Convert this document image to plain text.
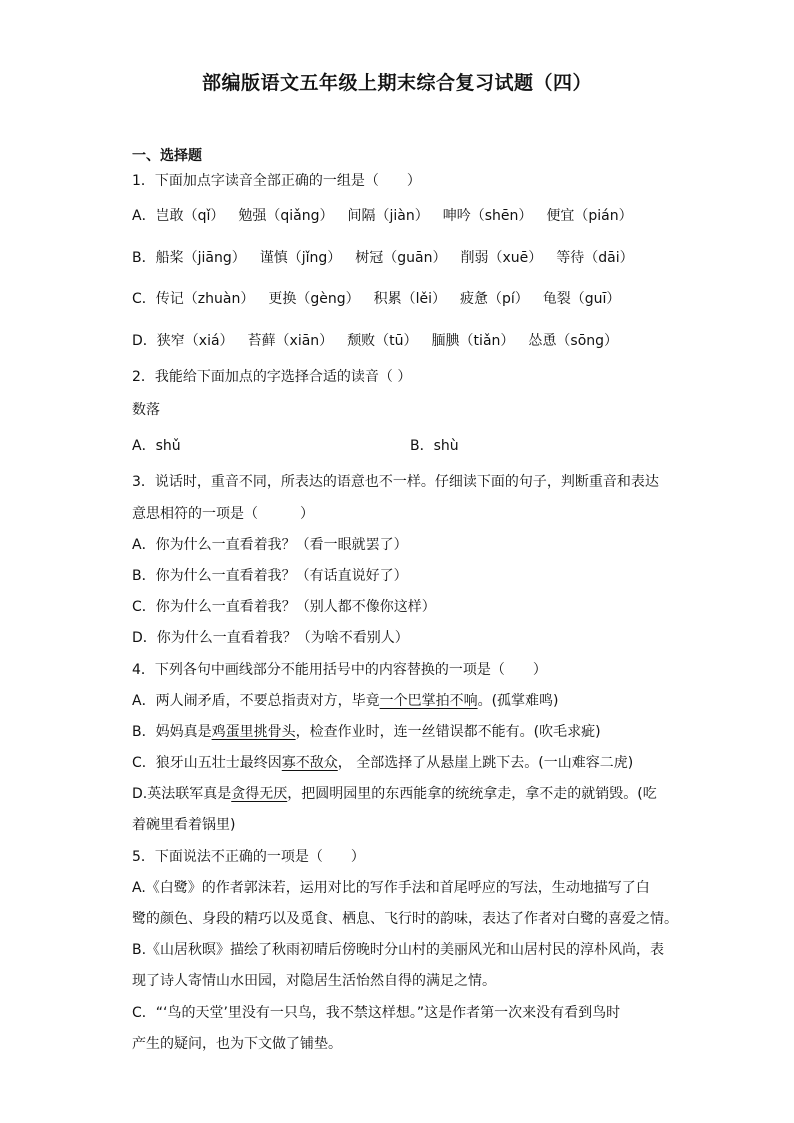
部编版语文五年级上期末综合复习试题（四）
一、选择题
1．下面加点字读音全部正确的一组是（　　）
A．岂敢（qǐ） 勉强（qiǎng） 间隔（jiàn） 呻吟（shēn） 便宜（pián）
B．船桨（jiāng） 谨慎（jǐng） 树冠（guān） 削弱（xuē） 等待（dāi）
C．传记（zhuàn） 更换（gèng） 积累（lěi） 疲惫（pí） 龟裂（guī）
D．狭窄（xiá） 苔藓（xiān） 颓败（tū） 腼腆（tiǎn） 怂恿（sōng）
2．我能给下面加点的字选择合适的读音（ ）
数落
A．shǔ	B．shù
3．说话时，重音不同，所表达的语意也不一样。仔细读下面的句子，判断重音和表达
意思相符的一项是（　　　）
A．你为什么一直看着我？（看一眼就罢了）
B．你为什么一直看着我？（有话直说好了）
C．你为什么一直看着我？（别人都不像你这样）
D．你为什么一直看着我？（为啥不看别人）
4．下列各句中画线部分不能用括号中的内容替换的一项是（　　）
A．两人闹矛盾，不要总指责对方，毕竟一个巴掌拍不响。(孤掌难鸣)
B．妈妈真是鸡蛋里挑骨头，检查作业时，连一丝错误都不能有。(吹毛求疵)
C．狼牙山五壮士最终因寡不敌众， 全部选择了从悬崖上跳下去。(一山难容二虎)
D.英法联军真是贪得无厌，把圆明园里的东西能拿的统统拿走，拿不走的就销毁。(吃
着碗里看着锅里)
5．下面说法不正确的一项是（　　）
A.《白鹭》的作者郭沫若，运用对比的写作手法和首尾呼应的写法，生动地描写了白
鹭的颜色、身段的精巧以及觅食、栖息、飞行时的韵味，表达了作者对白鹭的喜爱之情。
B.《山居秋暝》描绘了秋雨初晴后傍晚时分山村的美丽风光和山居村民的淳朴风尚，表
现了诗人寄情山水田园，对隐居生活怡然自得的满足之情。
C．“‘鸟的天堂’里没有一只鸟，我不禁这样想。”这是作者第一次来没有看到鸟时
产生的疑问，也为下文做了铺垫。
